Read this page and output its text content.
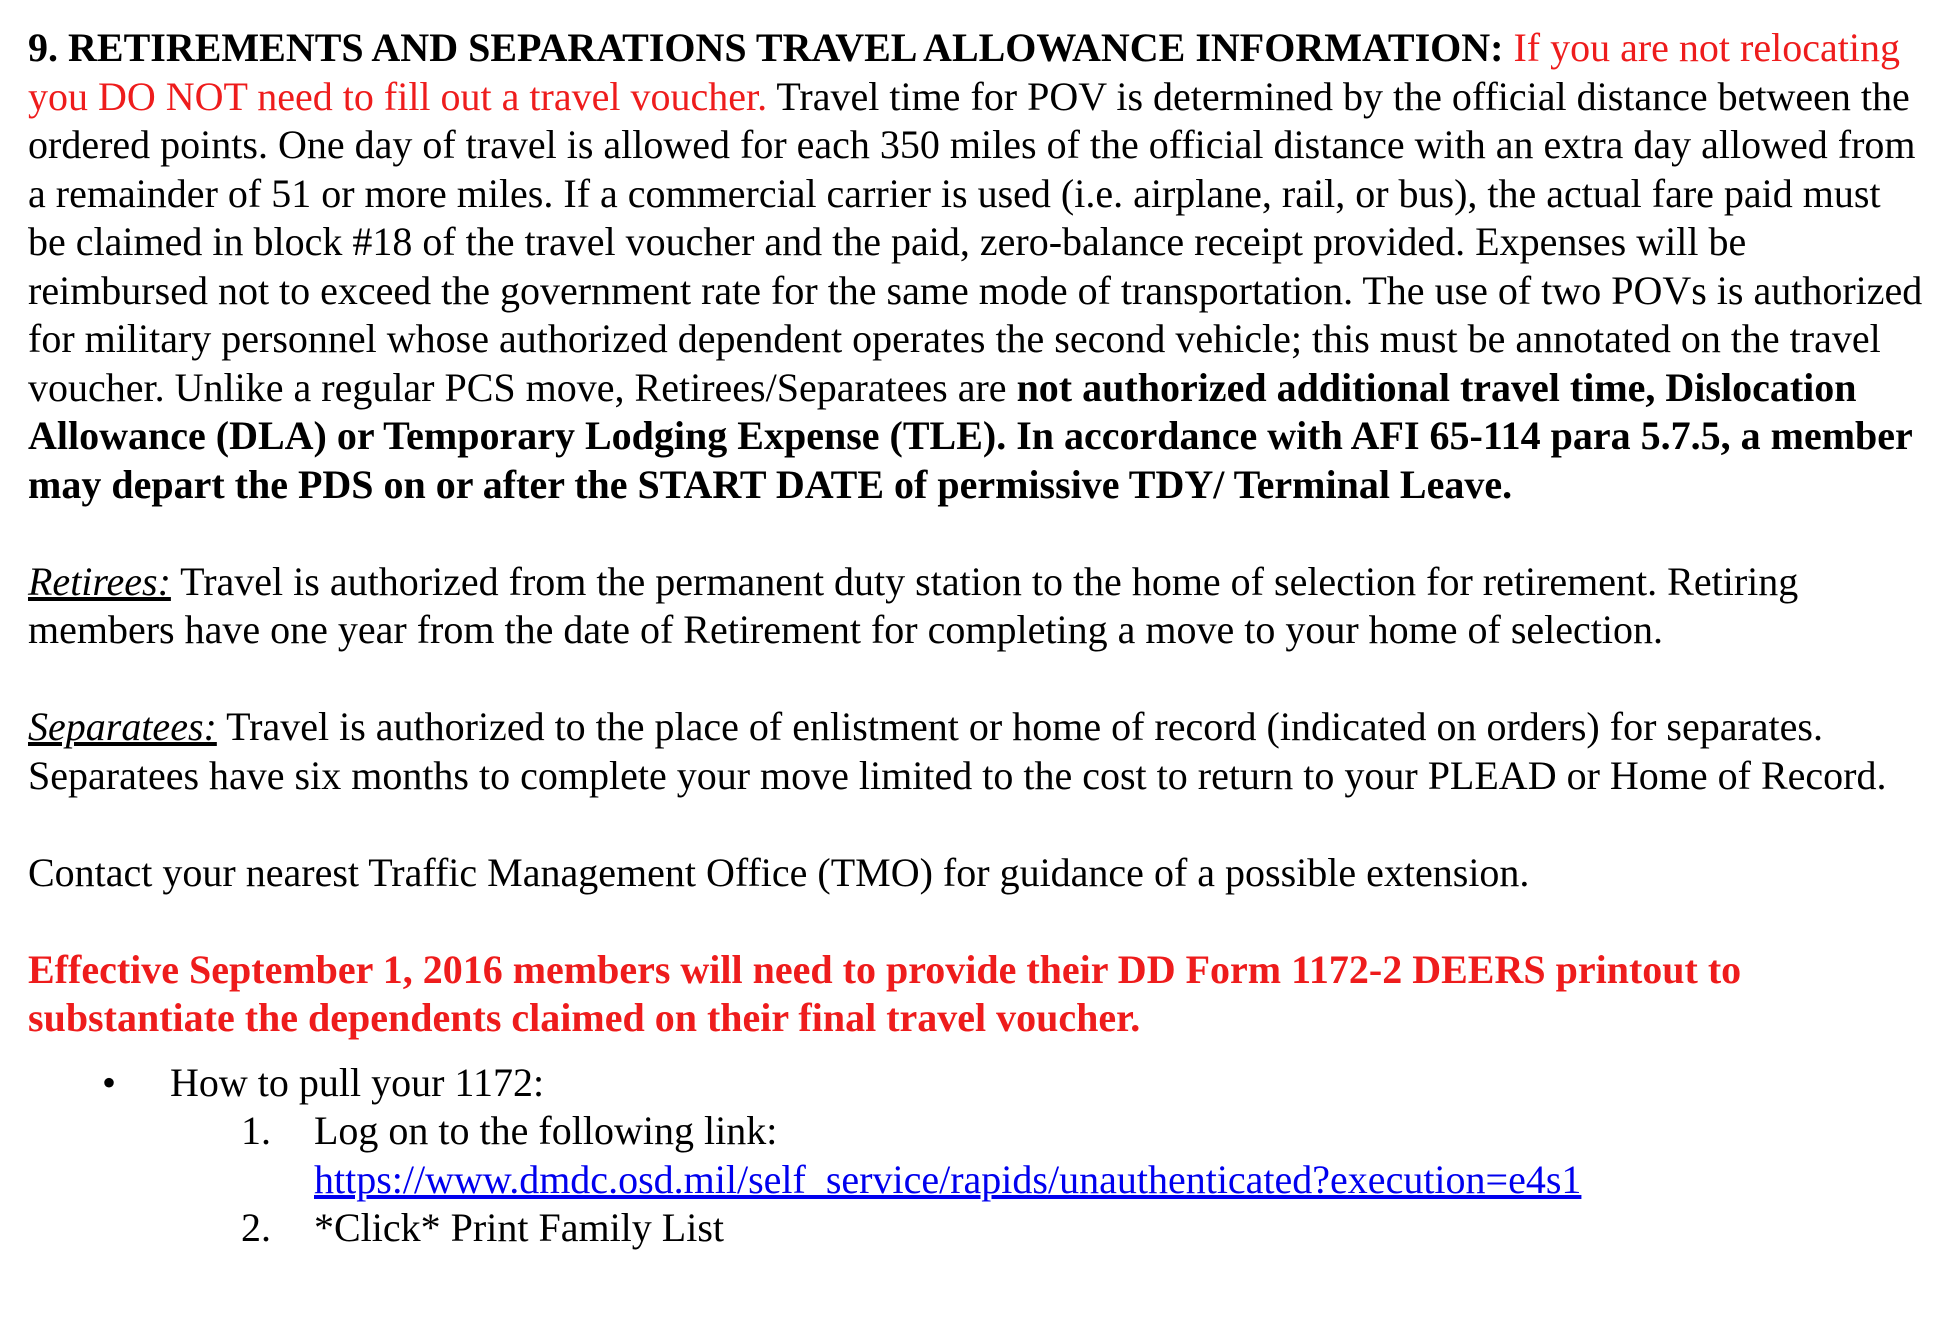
9. RETIREMENTS AND SEPARATIONS TRAVEL ALLOWANCE INFORMATION: If you are not relocating you DO NOT need to fill out a travel voucher. Travel time for POV is determined by the official distance between the ordered points. One day of travel is allowed for each 350 miles of the official distance with an extra day allowed from a remainder of 51 or more miles. If a commercial carrier is used (i.e. airplane, rail, or bus), the actual fare paid must be claimed in block #18 of the travel voucher and the paid, zero-balance receipt provided. Expenses will be reimbursed not to exceed the government rate for the same mode of transportation. The use of two POVs is authorized for military personnel whose authorized dependent operates the second vehicle; this must be annotated on the travel voucher. Unlike a regular PCS move, Retirees/Separatees are not authorized additional travel time, Dislocation Allowance (DLA) or Temporary Lodging Expense (TLE). In accordance with AFI 65-114 para 5.7.5, a member may depart the PDS on or after the START DATE of permissive TDY/ Terminal Leave.

Retirees: Travel is authorized from the permanent duty station to the home of selection for retirement. Retiring members have one year from the date of Retirement for completing a move to your home of selection.

Separatees: Travel is authorized to the place of enlistment or home of record (indicated on orders) for separates. Separatees have six months to complete your move limited to the cost to return to your PLEAD or Home of Record.

Contact your nearest Traffic Management Office (TMO) for guidance of a possible extension.

Effective September 1, 2016 members will need to provide their DD Form 1172-2 DEERS printout to substantiate the dependents claimed on their final travel voucher.

• How to pull your 1172:
1. Log on to the following link:
https://www.dmdc.osd.mil/self_service/rapids/unauthenticated?execution=e4s1
2. *Click* Print Family List
